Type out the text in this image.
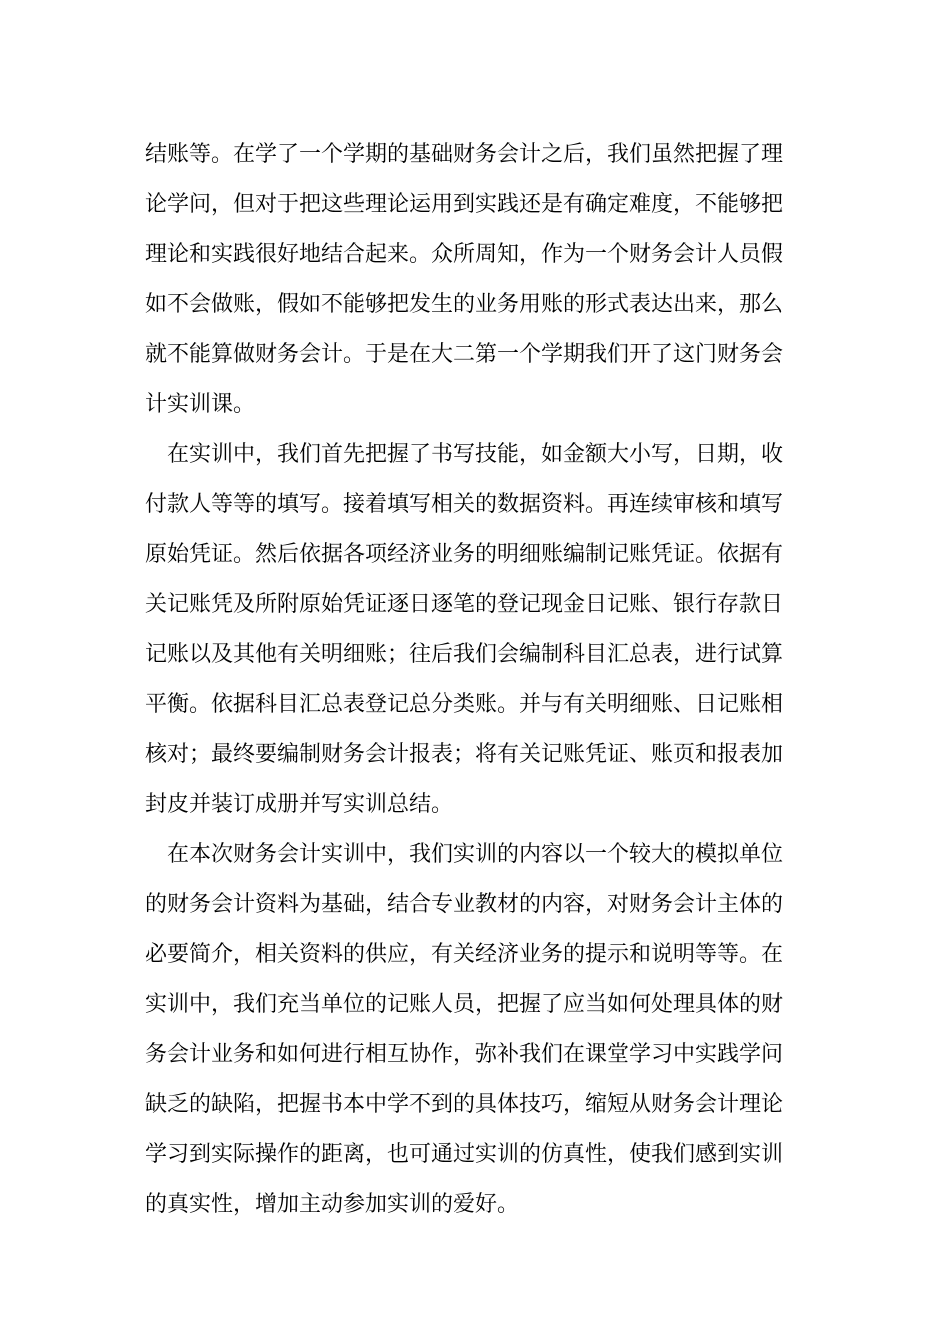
结账等。在学了一个学期的基础财务会计之后，我们虽然把握了理
论学问，但对于把这些理论运用到实践还是有确定难度，不能够把
理论和实践很好地结合起来。众所周知，作为一个财务会计人员假
如不会做账，假如不能够把发生的业务用账的形式表达出来，那么
就不能算做财务会计。于是在大二第一个学期我们开了这门财务会
计实训课。
在实训中，我们首先把握了书写技能，如金额大小写，日期，收
付款人等等的填写。接着填写相关的数据资料。再连续审核和填写
原始凭证。然后依据各项经济业务的明细账编制记账凭证。依据有
关记账凭及所附原始凭证逐日逐笔的登记现金日记账、银行存款日
记账以及其他有关明细账；往后我们会编制科目汇总表，进行试算
平衡。依据科目汇总表登记总分类账。并与有关明细账、日记账相
核对；最终要编制财务会计报表；将有关记账凭证、账页和报表加
封皮并装订成册并写实训总结。
在本次财务会计实训中，我们实训的内容以一个较大的模拟单位
的财务会计资料为基础，结合专业教材的内容，对财务会计主体的
必要简介，相关资料的供应，有关经济业务的提示和说明等等。在
实训中，我们充当单位的记账人员，把握了应当如何处理具体的财
务会计业务和如何进行相互协作，弥补我们在课堂学习中实践学问
缺乏的缺陷，把握书本中学不到的具体技巧，缩短从财务会计理论
学习到实际操作的距离，也可通过实训的仿真性，使我们感到实训
的真实性，增加主动参加实训的爱好。
